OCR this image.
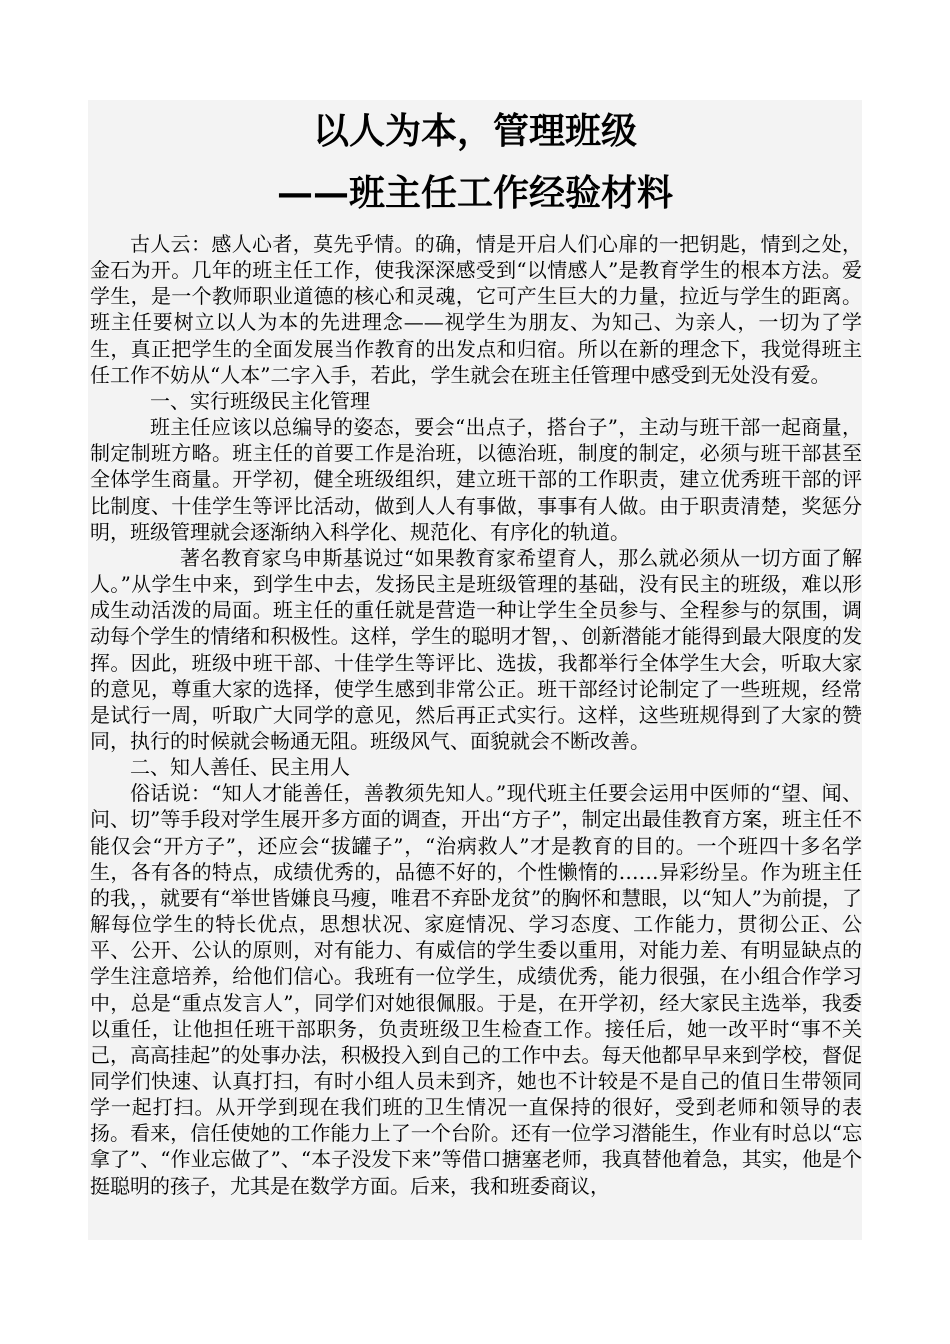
以人为本，管理班级
——班主任工作经验材料

古人云：感人心者，莫先乎情。的确，情是开启人们心扉的一把钥匙，情到之处，金石为开。几年的班主任工作，使我深深感受到“以情感人”是教育学生的根本方法。爱学生，是一个教师职业道德的核心和灵魂，它可产生巨大的力量，拉近与学生的距离。班主任要树立以人为本的先进理念——视学生为朋友、为知己、为亲人，一切为了学生，真正把学生的全面发展当作教育的出发点和归宿。所以在新的理念下，我觉得班主任工作不妨从“人本”二字入手，若此，学生就会在班主任管理中感受到无处没有爱。

一、实行班级民主化管理

班主任应该以总编导的姿态，要会“出点子，搭台子”，主动与班干部一起商量，制定制班方略。班主任的首要工作是治班，以德治班，制度的制定，必须与班干部甚至全体学生商量。开学初，健全班级组织，建立班干部的工作职责，建立优秀班干部的评比制度、十佳学生等评比活动，做到人人有事做，事事有人做。由于职责清楚，奖惩分明，班级管理就会逐渐纳入科学化、规范化、有序化的轨道。

著名教育家乌申斯基说过“如果教育家希望育人，那么就必须从一切方面了解人。”从学生中来，到学生中去，发扬民主是班级管理的基础，没有民主的班级，难以形成生动活泼的局面。班主任的重任就是营造一种让学生全员参与、全程参与的氛围，调动每个学生的情绪和积极性。这样，学生的聪明才智，、创新潜能才能得到最大限度的发挥。因此，班级中班干部、十佳学生等评比、选拔，我都举行全体学生大会，听取大家的意见，尊重大家的选择，使学生感到非常公正。班干部经讨论制定了一些班规，经常是试行一周，听取广大同学的意见，然后再正式实行。这样，这些班规得到了大家的赞同，执行的时候就会畅通无阻。班级风气、面貌就会不断改善。

二、知人善任、民主用人

俗话说：“知人才能善任，善教须先知人。”现代班主任要会运用中医师的“望、闻、问、切”等手段对学生展开多方面的调查，开出“方子”，制定出最佳教育方案，班主任不能仅会“开方子”，还应会“拔罐子”，“治病救人”才是教育的目的。一个班四十多名学生，各有各的特点，成绩优秀的，品德不好的，个性懒惰的……异彩纷呈。作为班主任的我，，就要有“举世皆嫌良马瘦，唯君不弃卧龙贫”的胸怀和慧眼，以“知人”为前提，了解每位学生的特长优点，思想状况、家庭情况、学习态度、工作能力，贯彻公正、公平、公开、公认的原则，对有能力、有威信的学生委以重用，对能力差、有明显缺点的学生注意培养，给他们信心。我班有一位学生，成绩优秀，能力很强，在小组合作学习中，总是“重点发言人”，同学们对她很佩服。于是，在开学初，经大家民主选举，我委以重任，让他担任班干部职务，负责班级卫生检查工作。接任后，她一改平时“事不关己，高高挂起”的处事办法，积极投入到自己的工作中去。每天他都早早来到学校，督促同学们快速、认真打扫，有时小组人员未到齐，她也不计较是不是自己的值日生带领同学一起打扫。从开学到现在我们班的卫生情况一直保持的很好，受到老师和领导的表扬。看来，信任使她的工作能力上了一个台阶。还有一位学习潜能生，作业有时总以“忘拿了”、“作业忘做了”、“本子没发下来”等借口搪塞老师，我真替他着急，其实，他是个挺聪明的孩子，尤其是在数学方面。后来，我和班委商议，
